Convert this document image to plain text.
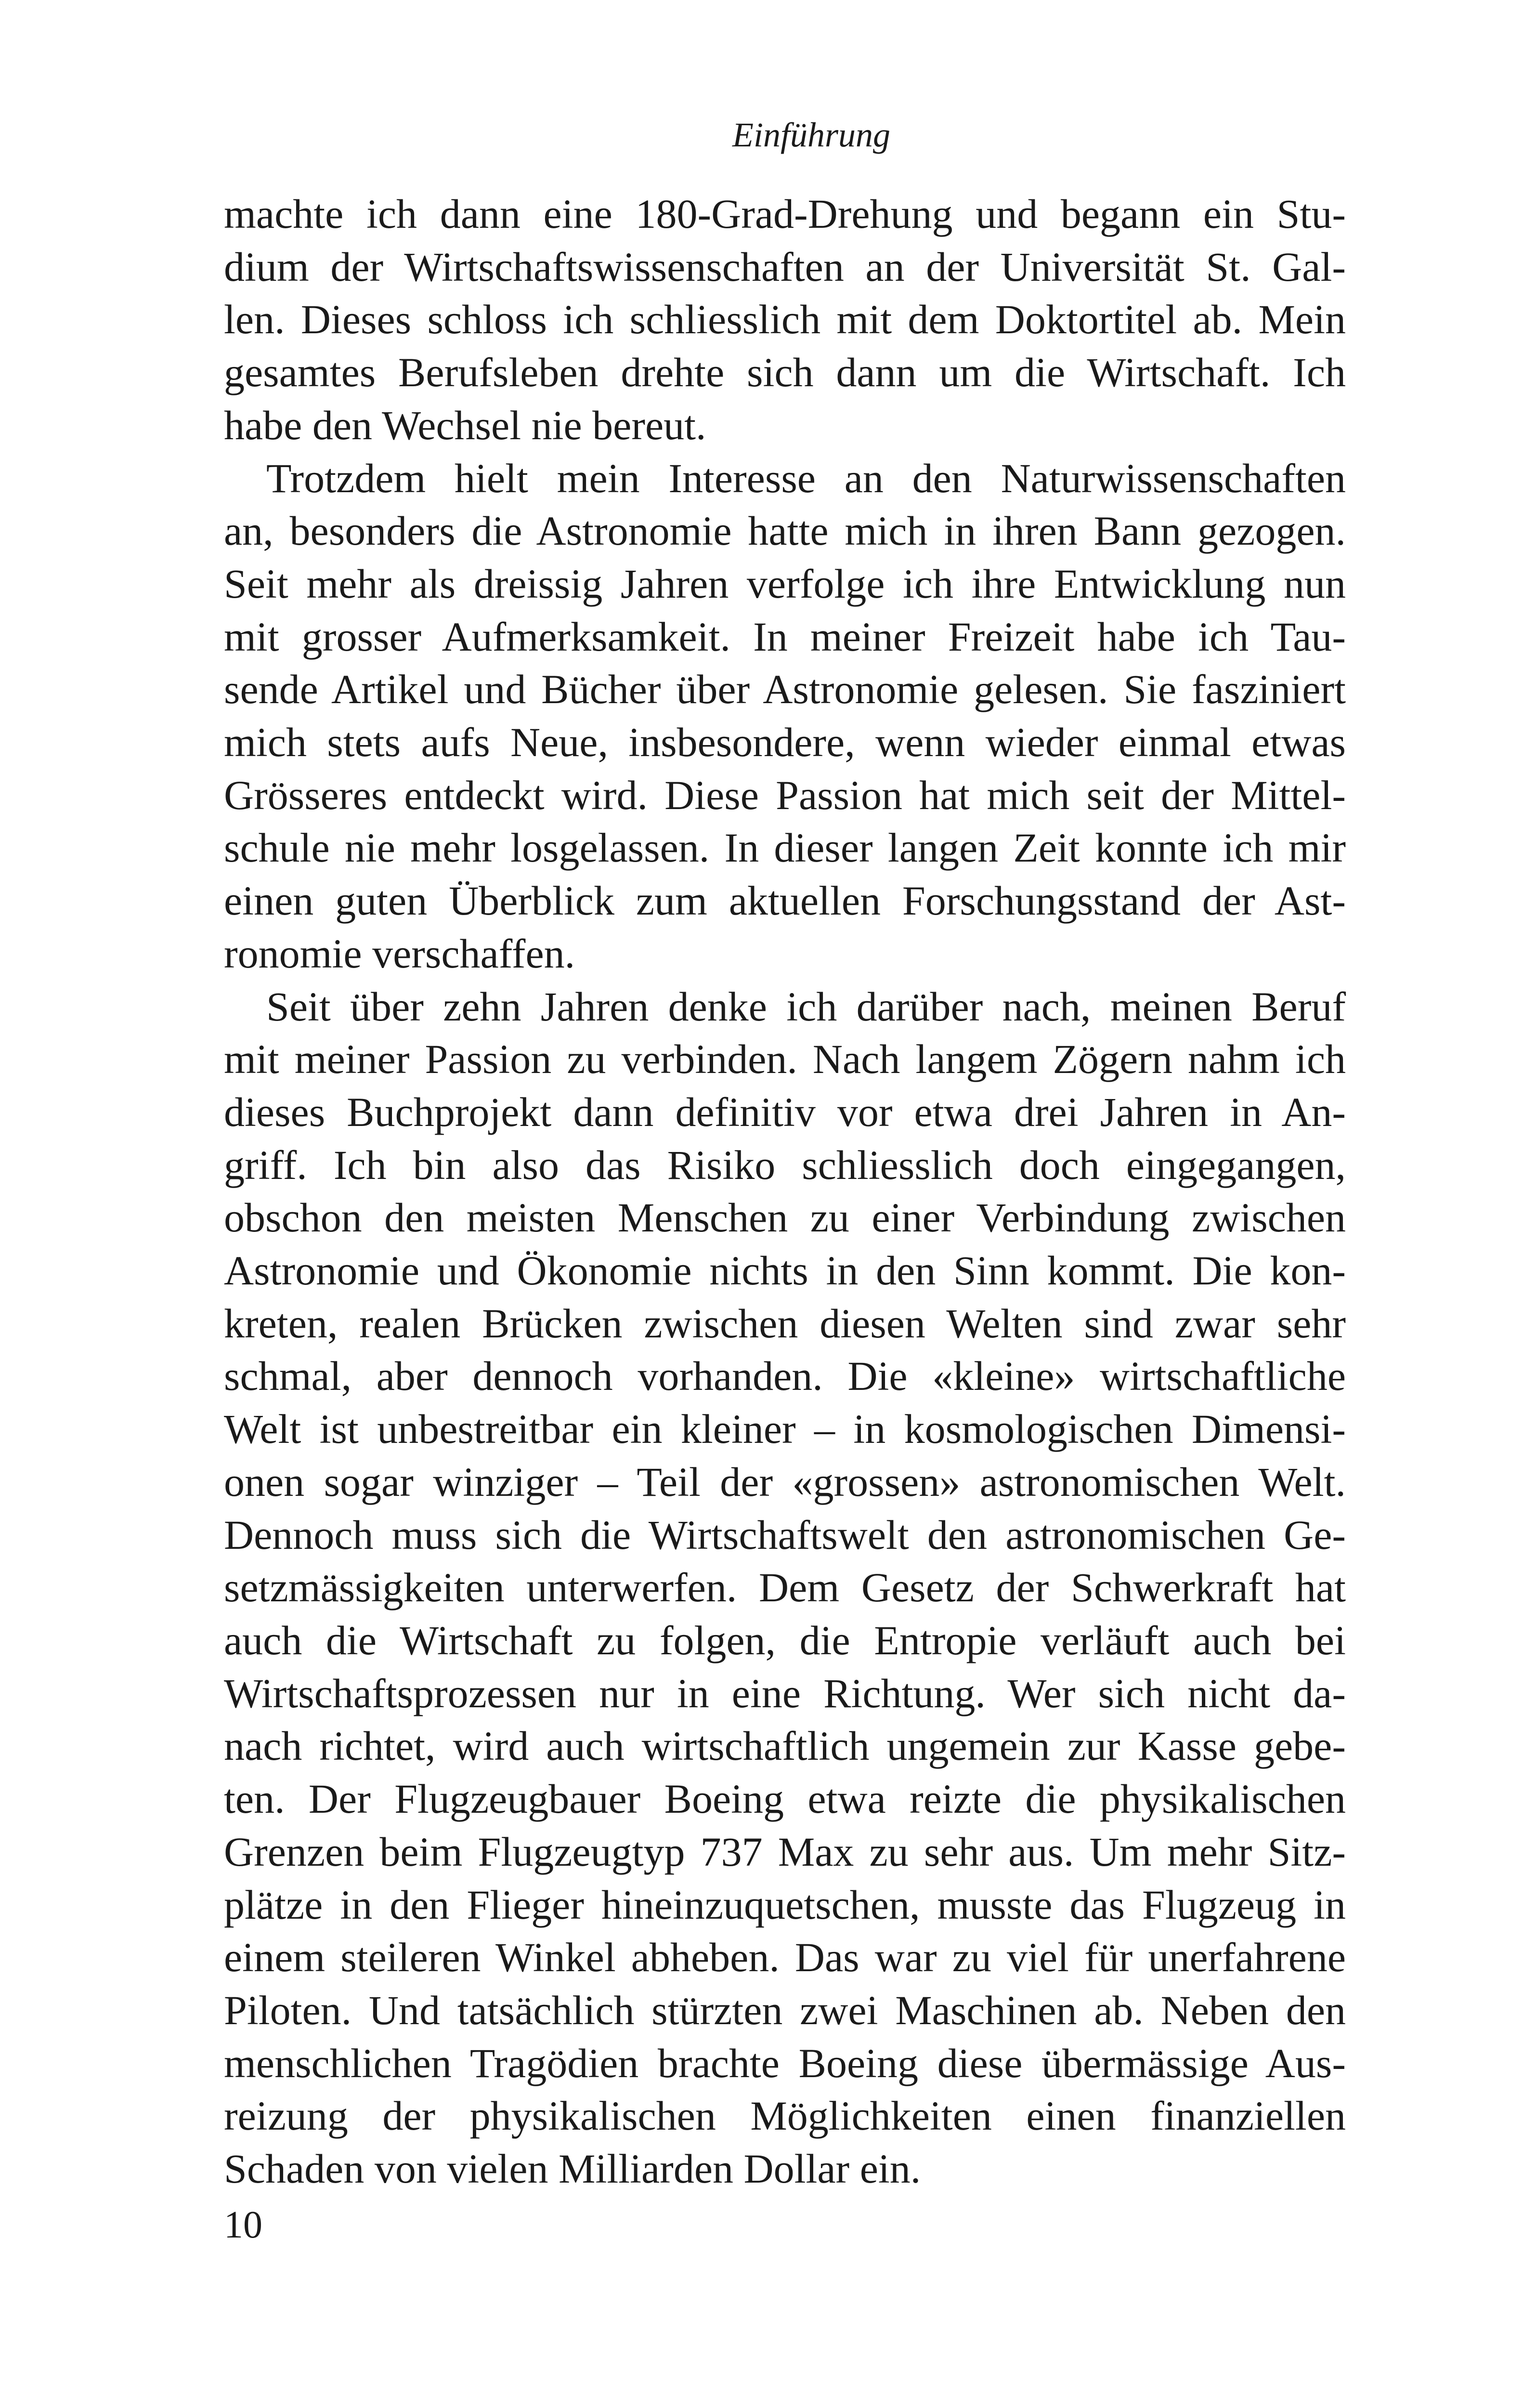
Einführung

machte ich dann eine 180-Grad-Drehung und begann ein Stu-
dium der Wirtschaftswissenschaften an der Universität St. Gal-
len. Dieses schloss ich schliesslich mit dem Doktortitel ab. Mein
gesamtes Berufsleben drehte sich dann um die Wirtschaft. Ich
habe den Wechsel nie bereut.

Trotzdem hielt mein Interesse an den Naturwissenschaften
an, besonders die Astronomie hatte mich in ihren Bann gezogen.
Seit mehr als dreissig Jahren verfolge ich ihre Entwicklung nun
mit grosser Aufmerksamkeit. In meiner Freizeit habe ich Tau-
sende Artikel und Bücher über Astronomie gelesen. Sie fasziniert
mich stets aufs Neue, insbesondere, wenn wieder einmal etwas
Grösseres entdeckt wird. Diese Passion hat mich seit der Mittel-
schule nie mehr losgelassen. In dieser langen Zeit konnte ich mir
einen guten Überblick zum aktuellen Forschungsstand der Ast-
ronomie verschaffen.

Seit über zehn Jahren denke ich darüber nach, meinen Beruf
mit meiner Passion zu verbinden. Nach langem Zögern nahm ich
dieses Buchprojekt dann definitiv vor etwa drei Jahren in An-
griff. Ich bin also das Risiko schliesslich doch eingegangen,
obschon den meisten Menschen zu einer Verbindung zwischen
Astronomie und Ökonomie nichts in den Sinn kommt. Die kon-
kreten, realen Brücken zwischen diesen Welten sind zwar sehr
schmal, aber dennoch vorhanden. Die «kleine» wirtschaftliche
Welt ist unbestreitbar ein kleiner – in kosmologischen Dimensi-
onen sogar winziger – Teil der «grossen» astronomischen Welt.
Dennoch muss sich die Wirtschaftswelt den astronomischen Ge-
setzmässigkeiten unterwerfen. Dem Gesetz der Schwerkraft hat
auch die Wirtschaft zu folgen, die Entropie verläuft auch bei
Wirtschaftsprozessen nur in eine Richtung. Wer sich nicht da-
nach richtet, wird auch wirtschaftlich ungemein zur Kasse gebe-
ten. Der Flugzeugbauer Boeing etwa reizte die physikalischen
Grenzen beim Flugzeugtyp 737 Max zu sehr aus. Um mehr Sitz-
plätze in den Flieger hineinzuquetschen, musste das Flugzeug in
einem steileren Winkel abheben. Das war zu viel für unerfahrene
Piloten. Und tatsächlich stürzten zwei Maschinen ab. Neben den
menschlichen Tragödien brachte Boeing diese übermässige Aus-
reizung der physikalischen Möglichkeiten einen finanziellen
Schaden von vielen Milliarden Dollar ein.

10
